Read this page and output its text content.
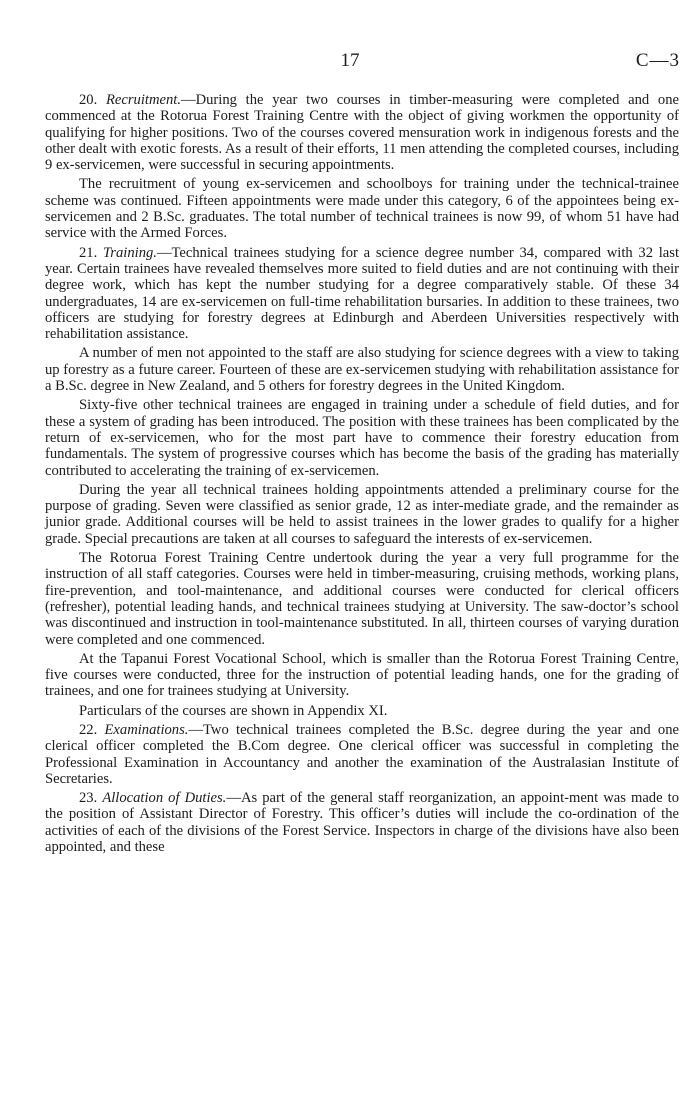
17	C—3

20. Recruitment.—During the year two courses in timber-measuring were completed and one commenced at the Rotorua Forest Training Centre with the object of giving workmen the opportunity of qualifying for higher positions. Two of the courses covered mensuration work in indigenous forests and the other dealt with exotic forests. As a result of their efforts, 11 men attending the completed courses, including 9 ex-servicemen, were successful in securing appointments.

The recruitment of young ex-servicemen and schoolboys for training under the technical-trainee scheme was continued. Fifteen appointments were made under this category, 6 of the appointees being ex-servicemen and 2 B.Sc. graduates. The total number of technical trainees is now 99, of whom 51 have had service with the Armed Forces.

21. Training.—Technical trainees studying for a science degree number 34, compared with 32 last year. Certain trainees have revealed themselves more suited to field duties and are not continuing with their degree work, which has kept the number studying for a degree comparatively stable. Of these 34 undergraduates, 14 are ex-servicemen on full-time rehabilitation bursaries. In addition to these trainees, two officers are studying for forestry degrees at Edinburgh and Aberdeen Universities respectively with rehabilitation assistance.

A number of men not appointed to the staff are also studying for science degrees with a view to taking up forestry as a future career. Fourteen of these are ex-servicemen studying with rehabilitation assistance for a B.Sc. degree in New Zealand, and 5 others for forestry degrees in the United Kingdom.

Sixty-five other technical trainees are engaged in training under a schedule of field duties, and for these a system of grading has been introduced. The position with these trainees has been complicated by the return of ex-servicemen, who for the most part have to commence their forestry education from fundamentals. The system of progressive courses which has become the basis of the grading has materially contributed to accelerating the training of ex-servicemen.

During the year all technical trainees holding appointments attended a preliminary course for the purpose of grading. Seven were classified as senior grade, 12 as inter-mediate grade, and the remainder as junior grade. Additional courses will be held to assist trainees in the lower grades to qualify for a higher grade. Special precautions are taken at all courses to safeguard the interests of ex-servicemen.

The Rotorua Forest Training Centre undertook during the year a very full programme for the instruction of all staff categories. Courses were held in timber-measuring, cruising methods, working plans, fire-prevention, and tool-maintenance, and additional courses were conducted for clerical officers (refresher), potential leading hands, and technical trainees studying at University. The saw-doctor’s school was discontinued and instruction in tool-maintenance substituted. In all, thirteen courses of varying duration were completed and one commenced.

At the Tapanui Forest Vocational School, which is smaller than the Rotorua Forest Training Centre, five courses were conducted, three for the instruction of potential leading hands, one for the grading of trainees, and one for trainees studying at University.

Particulars of the courses are shown in Appendix XI.

22. Examinations.—Two technical trainees completed the B.Sc. degree during the year and one clerical officer completed the B.Com degree. One clerical officer was successful in completing the Professional Examination in Accountancy and another the examination of the Australasian Institute of Secretaries.

23. Allocation of Duties.—As part of the general staff reorganization, an appoint-ment was made to the position of Assistant Director of Forestry. This officer’s duties will include the co-ordination of the activities of each of the divisions of the Forest Service. Inspectors in charge of the divisions have also been appointed, and these
